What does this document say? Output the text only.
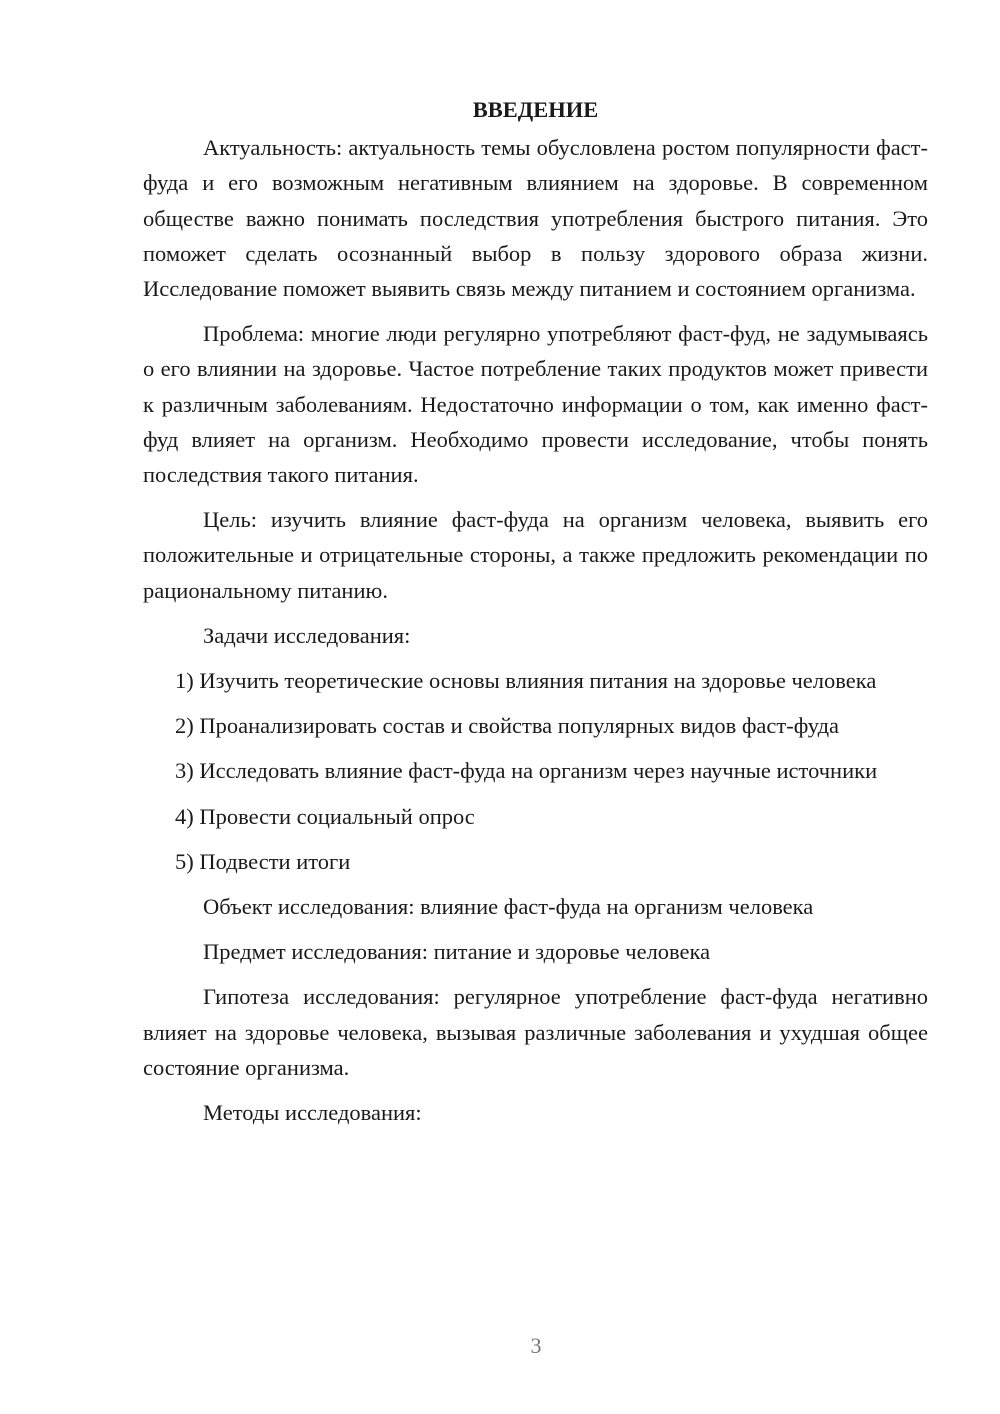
ВВЕДЕНИЕ

Актуальность: актуальность темы обусловлена ростом популярности фаст-фуда и его возможным негативным влиянием на здоровье. В современном обществе важно понимать последствия употребления быстрого питания. Это поможет сделать осознанный выбор в пользу здорового образа жизни. Исследование поможет выявить связь между питанием и состоянием организма.

Проблема: многие люди регулярно употребляют фаст-фуд, не задумываясь о его влиянии на здоровье. Частое потребление таких продуктов может привести к различным заболеваниям. Недостаточно информации о том, как именно фаст-фуд влияет на организм. Необходимо провести исследование, чтобы понять последствия такого питания.

Цель: изучить влияние фаст-фуда на организм человека, выявить его положительные и отрицательные стороны, а также предложить рекомендации по рациональному питанию.

Задачи исследования:

1) Изучить теоретические основы влияния питания на здоровье человека

2) Проанализировать состав и свойства популярных видов фаст-фуда

3) Исследовать влияние фаст-фуда на организм через научные источники

4) Провести социальный опрос

5) Подвести итоги

Объект исследования: влияние фаст-фуда на организм человека

Предмет исследования: питание и здоровье человека

Гипотеза исследования: регулярное употребление фаст-фуда негативно влияет на здоровье человека, вызывая различные заболевания и ухудшая общее состояние организма.

Методы исследования:

3
